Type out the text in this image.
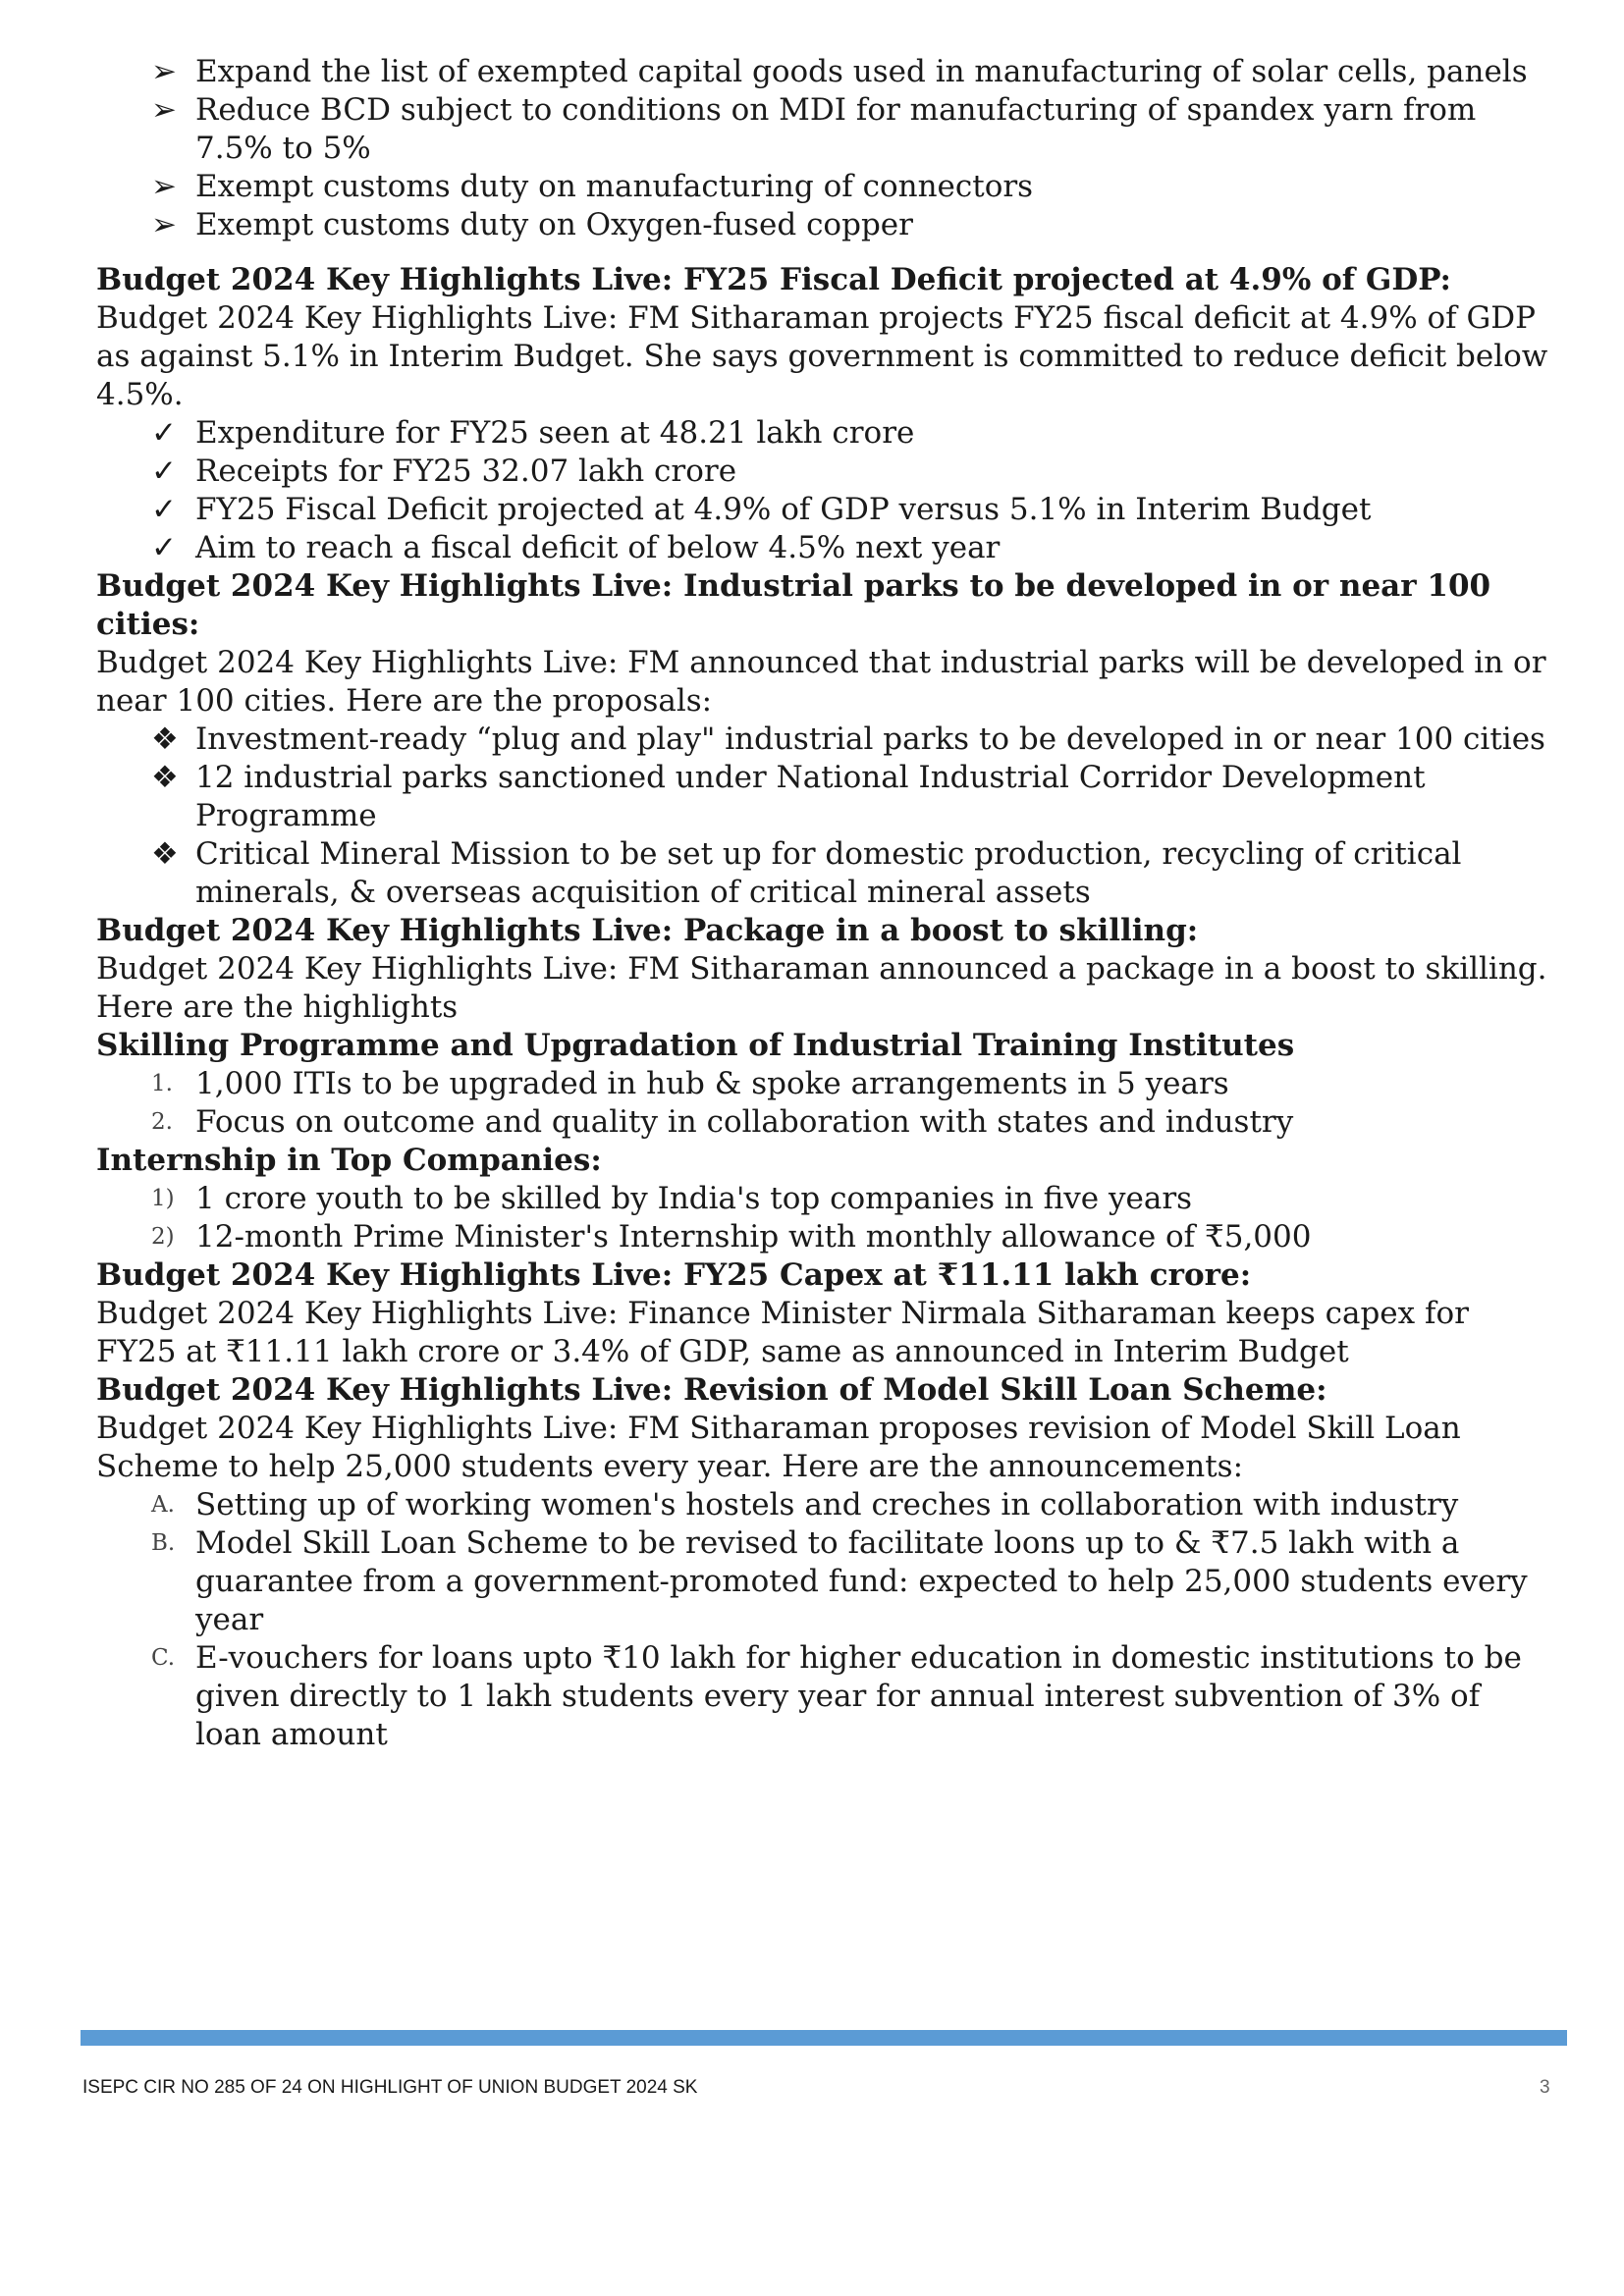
➢ Expand the list of exempted capital goods used in manufacturing of solar cells, panels
➢ Reduce BCD subject to conditions on MDI for manufacturing of spandex yarn from 7.5% to 5%
➢ Exempt customs duty on manufacturing of connectors
➢ Exempt customs duty on Oxygen-fused copper

Budget 2024 Key Highlights Live: FY25 Fiscal Deficit projected at 4.9% of GDP:

Budget 2024 Key Highlights Live: FM Sitharaman projects FY25 fiscal deficit at 4.9% of GDP as against 5.1% in Interim Budget. She says government is committed to reduce deficit below 4.5%.

✓ Expenditure for FY25 seen at 48.21 lakh crore
✓ Receipts for FY25 32.07 lakh crore
✓ FY25 Fiscal Deficit projected at 4.9% of GDP versus 5.1% in Interim Budget
✓ Aim to reach a fiscal deficit of below 4.5% next year

Budget 2024 Key Highlights Live: Industrial parks to be developed in or near 100 cities:

Budget 2024 Key Highlights Live: FM announced that industrial parks will be developed in or near 100 cities. Here are the proposals:

❖ Investment-ready “plug and play" industrial parks to be developed in or near 100 cities
❖ 12 industrial parks sanctioned under National Industrial Corridor Development Programme
❖ Critical Mineral Mission to be set up for domestic production, recycling of critical minerals, & overseas acquisition of critical mineral assets

Budget 2024 Key Highlights Live: Package in a boost to skilling:

Budget 2024 Key Highlights Live: FM Sitharaman announced a package in a boost to skilling. Here are the highlights

Skilling Programme and Upgradation of Industrial Training Institutes

1. 1,000 ITIs to be upgraded in hub & spoke arrangements in 5 years
2. Focus on outcome and quality in collaboration with states and industry

Internship in Top Companies:

1) 1 crore youth to be skilled by India's top companies in five years
2) 12-month Prime Minister's Internship with monthly allowance of ₹5,000

Budget 2024 Key Highlights Live: FY25 Capex at ₹11.11 lakh crore:

Budget 2024 Key Highlights Live: Finance Minister Nirmala Sitharaman keeps capex for FY25 at ₹11.11 lakh crore or 3.4% of GDP, same as announced in Interim Budget

Budget 2024 Key Highlights Live: Revision of Model Skill Loan Scheme:

Budget 2024 Key Highlights Live: FM Sitharaman proposes revision of Model Skill Loan Scheme to help 25,000 students every year. Here are the announcements:

A. Setting up of working women's hostels and creches in collaboration with industry
B. Model Skill Loan Scheme to be revised to facilitate loons up to & ₹7.5 lakh with a guarantee from a government-promoted fund: expected to help 25,000 students every year
C. E-vouchers for loans upto ₹10 lakh for higher education in domestic institutions to be given directly to 1 lakh students every year for annual interest subvention of 3% of loan amount
ISEPC CIR NO 285 OF 24 ON HIGHLIGHT OF UNION BUDGET 2024 SK	3
